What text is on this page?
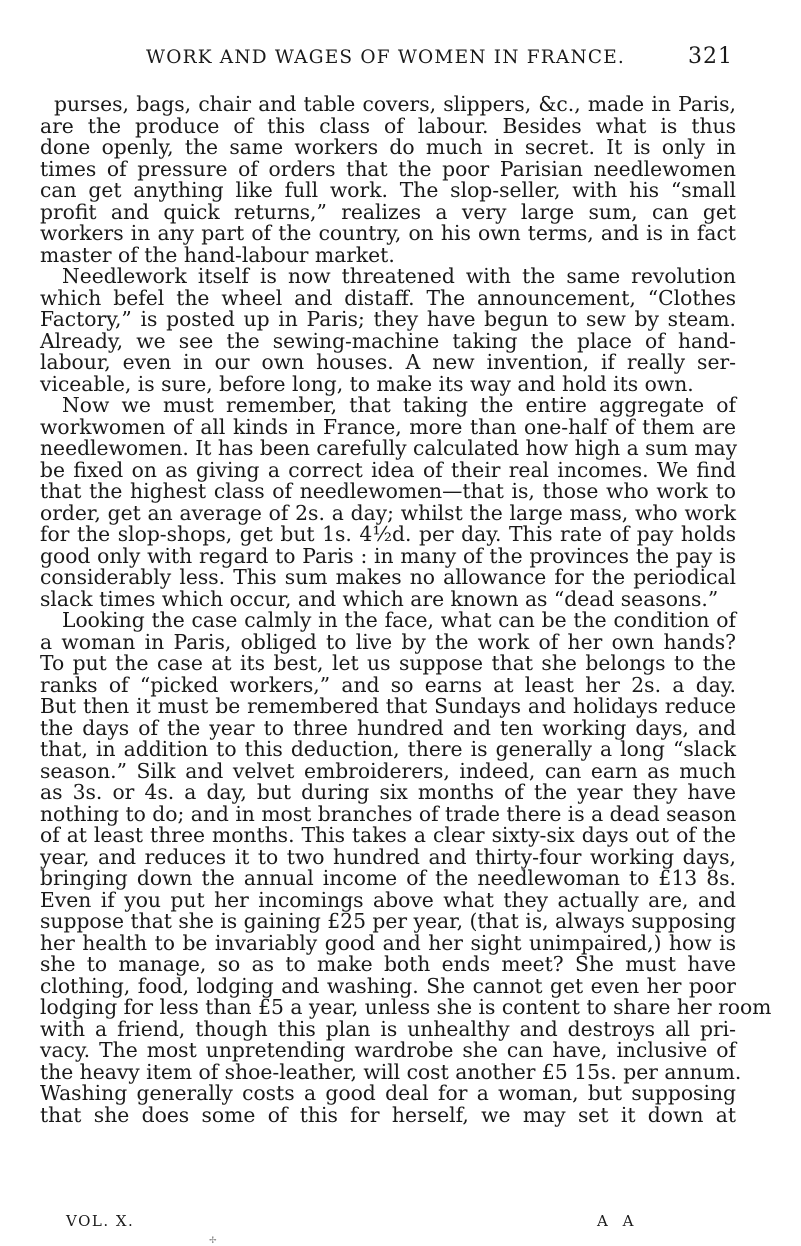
WORK AND WAGES OF WOMEN IN FRANCE.	321
purses, bags, chair and table covers, slippers, &c., made in Paris,
are the produce of this class of labour. Besides what is thus
done openly, the same workers do much in secret. It is only in
times of pressure of orders that the poor Parisian needlewomen
can get anything like full work. The slop-seller, with his “small
profit and quick returns,” realizes a very large sum, can get
workers in any part of the country, on his own terms, and is in fact
master of the hand-labour market.
Needlework itself is now threatened with the same revolution
which befel the wheel and distaff. The announcement, “Clothes
Factory,” is posted up in Paris; they have begun to sew by steam.
Already, we see the sewing-machine taking the place of hand-
labour, even in our own houses. A new invention, if really ser-
viceable, is sure, before long, to make its way and hold its own.
Now we must remember, that taking the entire aggregate of
workwomen of all kinds in France, more than one-half of them are
needlewomen. It has been carefully calculated how high a sum may
be fixed on as giving a correct idea of their real incomes. We find
that the highest class of needlewomen—that is, those who work to
order, get an average of 2s. a day; whilst the large mass, who work
for the slop-shops, get but 1s. 4½d. per day. This rate of pay holds
good only with regard to Paris : in many of the provinces the pay is
considerably less. This sum makes no allowance for the periodical
slack times which occur, and which are known as “dead seasons.”
Looking the case calmly in the face, what can be the condition of
a woman in Paris, obliged to live by the work of her own hands?
To put the case at its best, let us suppose that she belongs to the
ranks of “picked workers,” and so earns at least her 2s. a day.
But then it must be remembered that Sundays and holidays reduce
the days of the year to three hundred and ten working days, and
that, in addition to this deduction, there is generally a long “slack
season.” Silk and velvet embroiderers, indeed, can earn as much
as 3s. or 4s. a day, but during six months of the year they have
nothing to do; and in most branches of trade there is a dead season
of at least three months. This takes a clear sixty-six days out of the
year, and reduces it to two hundred and thirty-four working days,
bringing down the annual income of the needlewoman to £13 8s.
Even if you put her incomings above what they actually are, and
suppose that she is gaining £25 per year, (that is, always supposing
her health to be invariably good and her sight unimpaired,) how is
she to manage, so as to make both ends meet? She must have
clothing, food, lodging and washing. She cannot get even her poor
lodging for less than £5 a year, unless she is content to share her room
with a friend, though this plan is unhealthy and destroys all pri-
vacy. The most unpretending wardrobe she can have, inclusive of
the heavy item of shoe-leather, will cost another £5 15s. per annum.
Washing generally costs a good deal for a woman, but supposing
that she does some of this for herself, we may set it down at
VOL. X.	A A
✢
